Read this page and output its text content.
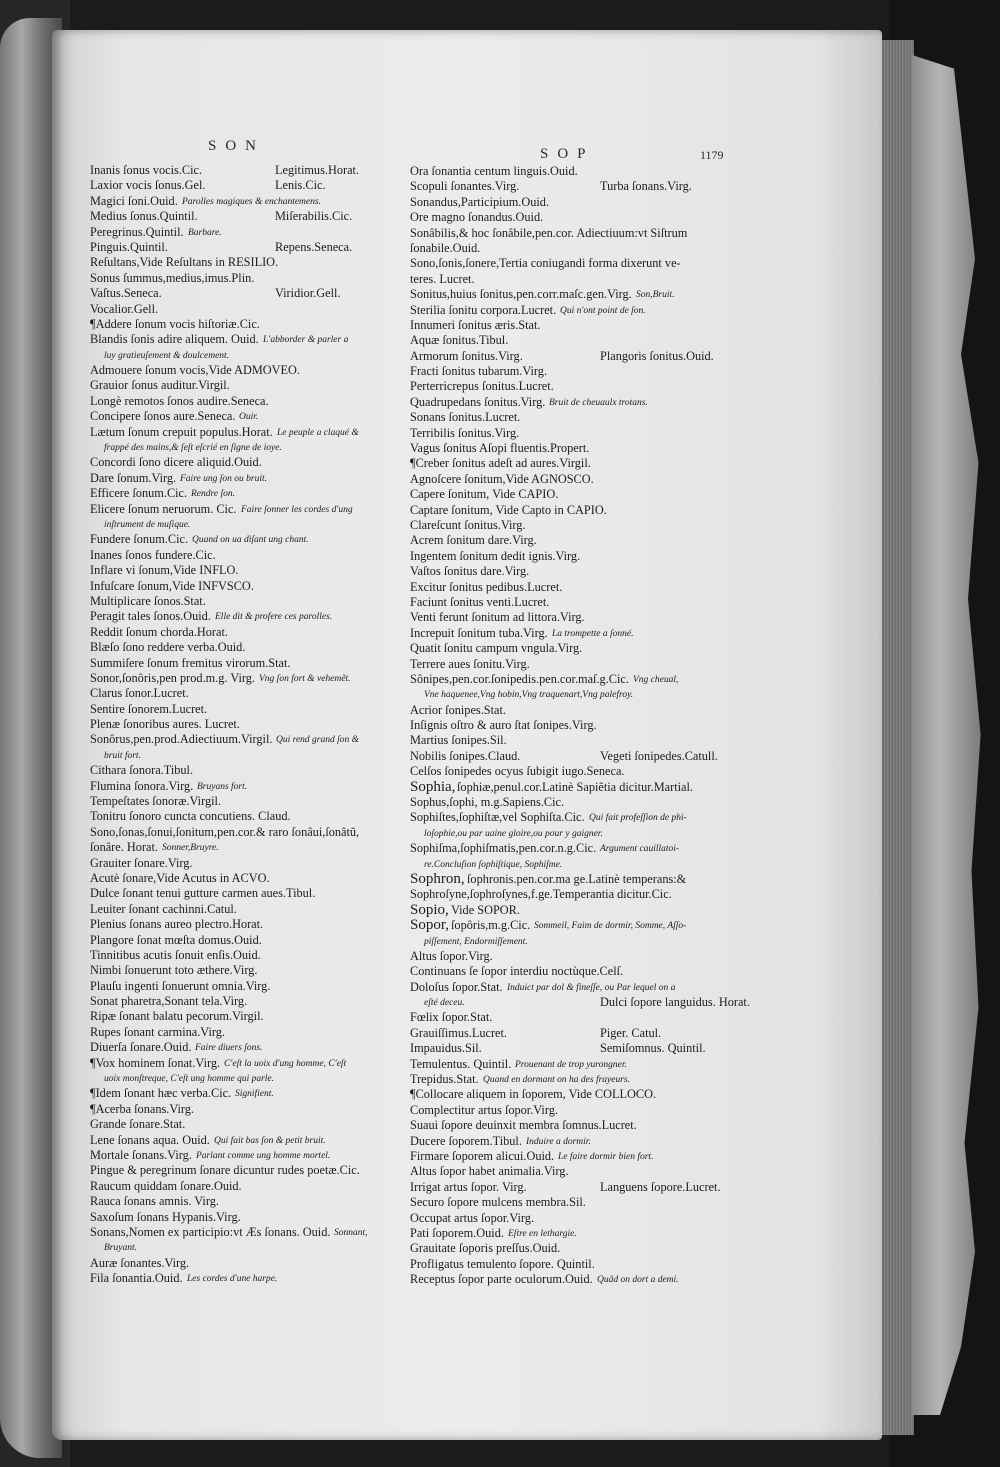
SON	SOP	1179
Inanis ſonus vocis.Cic.	Legitimus.Horat.
Laxior vocis ſonus.Gel.	Lenis.Cic.
Magici ſoni.Ouid. Parolles magiques & enchantemens.
Medius ſonus.Quintil.	Miſerabilis.Cic.
Peregrinus.Quintil. Barbare.
Pinguis.Quintil.	Repens.Seneca.
Reſultans,Vide Reſultans in RESILIO.
Sonus ſummus,medius,imus.Plin.
Vaſtus.Seneca.	Viridior.Gell.
Vocalior.Gell.
¶Addere ſonum vocis hiſtoriæ.Cic.
Blandis ſonis adire aliquem. Ouid. L'abborder & parler a
luy gratieuſement & doulcement.
Admouere ſonum vocis,Vide ADMOVEO.
Grauior ſonus auditur.Virgil.
Longè remotos ſonos audire.Seneca.
Concipere ſonos aure.Seneca. Ouir.
Lætum ſonum crepuit populus.Horat. Le peuple a claqué &
frappé des mains,& ſeſt eſcrié en ſigne de ioye.
Concordi ſono dicere aliquid.Ouid.
Dare ſonum.Virg. Faire ung ſon ou bruit.
Efficere ſonum.Cic. Rendre ſon.
Elicere ſonum neruorum. Cic. Faire ſonner les cordes d'ung
inſtrument de muſique.
Fundere ſonum.Cic. Quand on ua diſant ung chant.
Inanes ſonos fundere.Cic.
Inflare vi ſonum,Vide INFLO.
Infuſcare ſonum,Vide INFVSCO.
Multiplicare ſonos.Stat.
Peragit tales ſonos.Ouid. Elle dit & profere ces parolles.
Reddit ſonum chorda.Horat.
Blæſo ſono reddere verba.Ouid.
Summiſere ſonum fremitus virorum.Stat.
Sonor,ſonôris,pen prod.m.g. Virg. Vng ſon fort & vehemẽt.
Clarus ſonor.Lucret.
Sentire ſonorem.Lucret.
Plenæ ſonoribus aures. Lucret.
Sonôrus,pen.prod.Adiectiuum.Virgil. Qui rend grand ſon &
bruit fort.
Cithara ſonora.Tibul.
Flumina ſonora.Virg. Bruyans fort.
Tempeſtates ſonoræ.Virgil.
Tonitru ſonoro cuncta concutiens. Claud.
Sono,ſonas,ſonui,ſonitum,pen.cor.& raro ſonâui,ſonâtũ,
ſonâre. Horat. Sonner,Bruyre.
Grauiter ſonare.Virg.
Acutè ſonare,Vide Acutus in ACVO.
Dulce ſonant tenui gutture carmen aues.Tibul.
Leuiter ſonant cachinni.Catul.
Plenius ſonans aureo plectro.Horat.
Plangore ſonat mœſta domus.Ouid.
Tinnitibus acutis ſonuit enſis.Ouid.
Nimbi ſonuerunt toto æthere.Virg.
Plauſu ingenti ſonuerunt omnia.Virg.
Sonat pharetra,Sonant tela.Virg.
Ripæ ſonant balatu pecorum.Virgil.
Rupes ſonant carmina.Virg.
Diuerſa ſonare.Ouid. Faire diuers ſons.
¶Vox hominem ſonat.Virg. C'eſt la uoix d'ung homme, C'eſt
uoix monſtreque, C'eſt ung homme qui parle.
¶Idem ſonant hæc verba.Cic. Signifient.
¶Acerba ſonans.Virg.
Grande ſonare.Stat.
Lene ſonans aqua. Ouid. Qui fait bas ſon & petit bruit.
Mortale ſonans.Virg. Parlant comme ung homme mortel.
Pingue & peregrinum ſonare dicuntur rudes poetæ.Cic.
Raucum quiddam ſonare.Ouid.
Rauca ſonans amnis. Virg.
Saxoſum ſonans Hypanis.Virg.
Sonans,Nomen ex participio:vt Æs ſonans. Ouid. Sonnant,
Bruyant.
Auræ ſonantes.Virg.
Fila ſonantia.Ouid. Les cordes d'une harpe.
Ora ſonantia centum linguis.Ouid.
Scopuli ſonantes.Virg.	Turba ſonans.Virg.
Sonandus,Participium.Ouid.
Ore magno ſonandus.Ouid.
Sonâbilis,& hoc ſonâbile,pen.cor. Adiectiuum:vt Siſtrum
ſonabile.Ouid.
Sono,ſonis,ſonere,Tertia coniugandi forma dixerunt ve-
teres. Lucret.
Sonitus,huius ſonitus,pen.corr.maſc.gen.Virg. Son,Bruit.
Sterilia ſonitu corpora.Lucret. Qui n'ont point de ſon.
Innumeri ſonitus æris.Stat.
Aquæ ſonitus.Tibul.
Armorum ſonitus.Virg.	Plangoris ſonitus.Ouid.
Fracti ſonitus tubarum.Virg.
Perterricrepus ſonitus.Lucret.
Quadrupedans ſonitus.Virg. Bruit de cheuaulx trotans.
Sonans ſonitus.Lucret.
Terribilis ſonitus.Virg.
Vagus ſonitus Aſopi fluentis.Propert.
¶Creber ſonitus adeſt ad aures.Virgil.
Agnoſcere ſonitum,Vide AGNOSCO.
Capere ſonitum, Vide CAPIO.
Captare ſonitum, Vide Capto in CAPIO.
Clareſcunt ſonitus.Virg.
Acrem ſonitum dare.Virg.
Ingentem ſonitum dedit ignis.Virg.
Vaſtos ſonitus dare.Virg.
Excitur ſonitus pedibus.Lucret.
Faciunt ſonitus venti.Lucret.
Venti ferunt ſonitum ad littora.Virg.
Increpuit ſonitum tuba.Virg. La trompette a ſonné.
Quatit ſonitu campum vngula.Virg.
Terrere aues ſonitu.Virg.
Sônipes,pen.cor.ſonipedis.pen.cor.maſ.g.Cic. Vng cheual,
Vne haquenee,Vng hobin,Vng traquenart,Vng palefroy.
Acrior ſonipes.Stat.
Inſignis oſtro & auro ſtat ſonipes.Virg.
Martius ſonipes.Sil.
Nobilis ſonipes.Claud.	Vegeti ſonipedes.Catull.
Celſos ſonipedes ocyus ſubigit iugo.Seneca.
Sophia, ſophiæ,penul.cor.Latinè Sapiẽtia dicitur.Martial.
Sophus,ſophi, m.g.Sapiens.Cic.
Sophiſtes,ſophiſtæ,vel Sophiſta.Cic. Qui fait profeſſion de phi-
loſophie,ou par uaine gloire,ou pour y gaigner.
Sophiſma,ſophiſmatis,pen.cor.n.g.Cic. Argument cauillatoi-
re.Concluſion ſophiſtique, Sophiſme.
Sophron, ſophronis.pen.cor.ma ge.Latinè temperans:&
Sophroſyne,ſophroſynes,f.ge.Temperantia dicitur.Cic.
Sopio, Vide SOPOR.
Sopor, ſopôris,m.g.Cic. Sommeil, Faim de dormir, Somme, Aſſo-
piſſement, Endormiſſement.
Altus ſopor.Virg.
Continuans ſe ſopor interdiu noctùque.Celſ.
Doloſus ſopor.Stat. Induict par dol & fineſſe, ou Par lequel on a
eſté deceu.	Dulci ſopore languidus. Horat.
Fœlix ſopor.Stat.
Grauiſſimus.Lucret.	Piger. Catul.
Impauidus.Sil.	Semiſomnus. Quintil.
Temulentus. Quintil. Prouenant de trop yurongner.
Trepidus.Stat. Quand en dormant on ha des frayeurs.
¶Collocare aliquem in ſoporem, Vide COLLOCO.
Complectitur artus ſopor.Virg.
Suaui ſopore deuinxit membra ſomnus.Lucret.
Ducere ſoporem.Tibul. Induire a dormir.
Firmare ſoporem alicui.Ouid. Le faire dormir bien fort.
Altus ſopor habet animalia.Virg.
Irrigat artus ſopor. Virg.	Languens ſopore.Lucret.
Securo ſopore mulcens membra.Sil.
Occupat artus ſopor.Virg.
Pati ſoporem.Ouid. Eſtre en lethargie.
Grauitate ſoporis preſſus.Ouid.
Profligatus temulento ſopore. Quintil.
Receptus ſopor parte oculorum.Ouid. Quãd on dort a demi.
